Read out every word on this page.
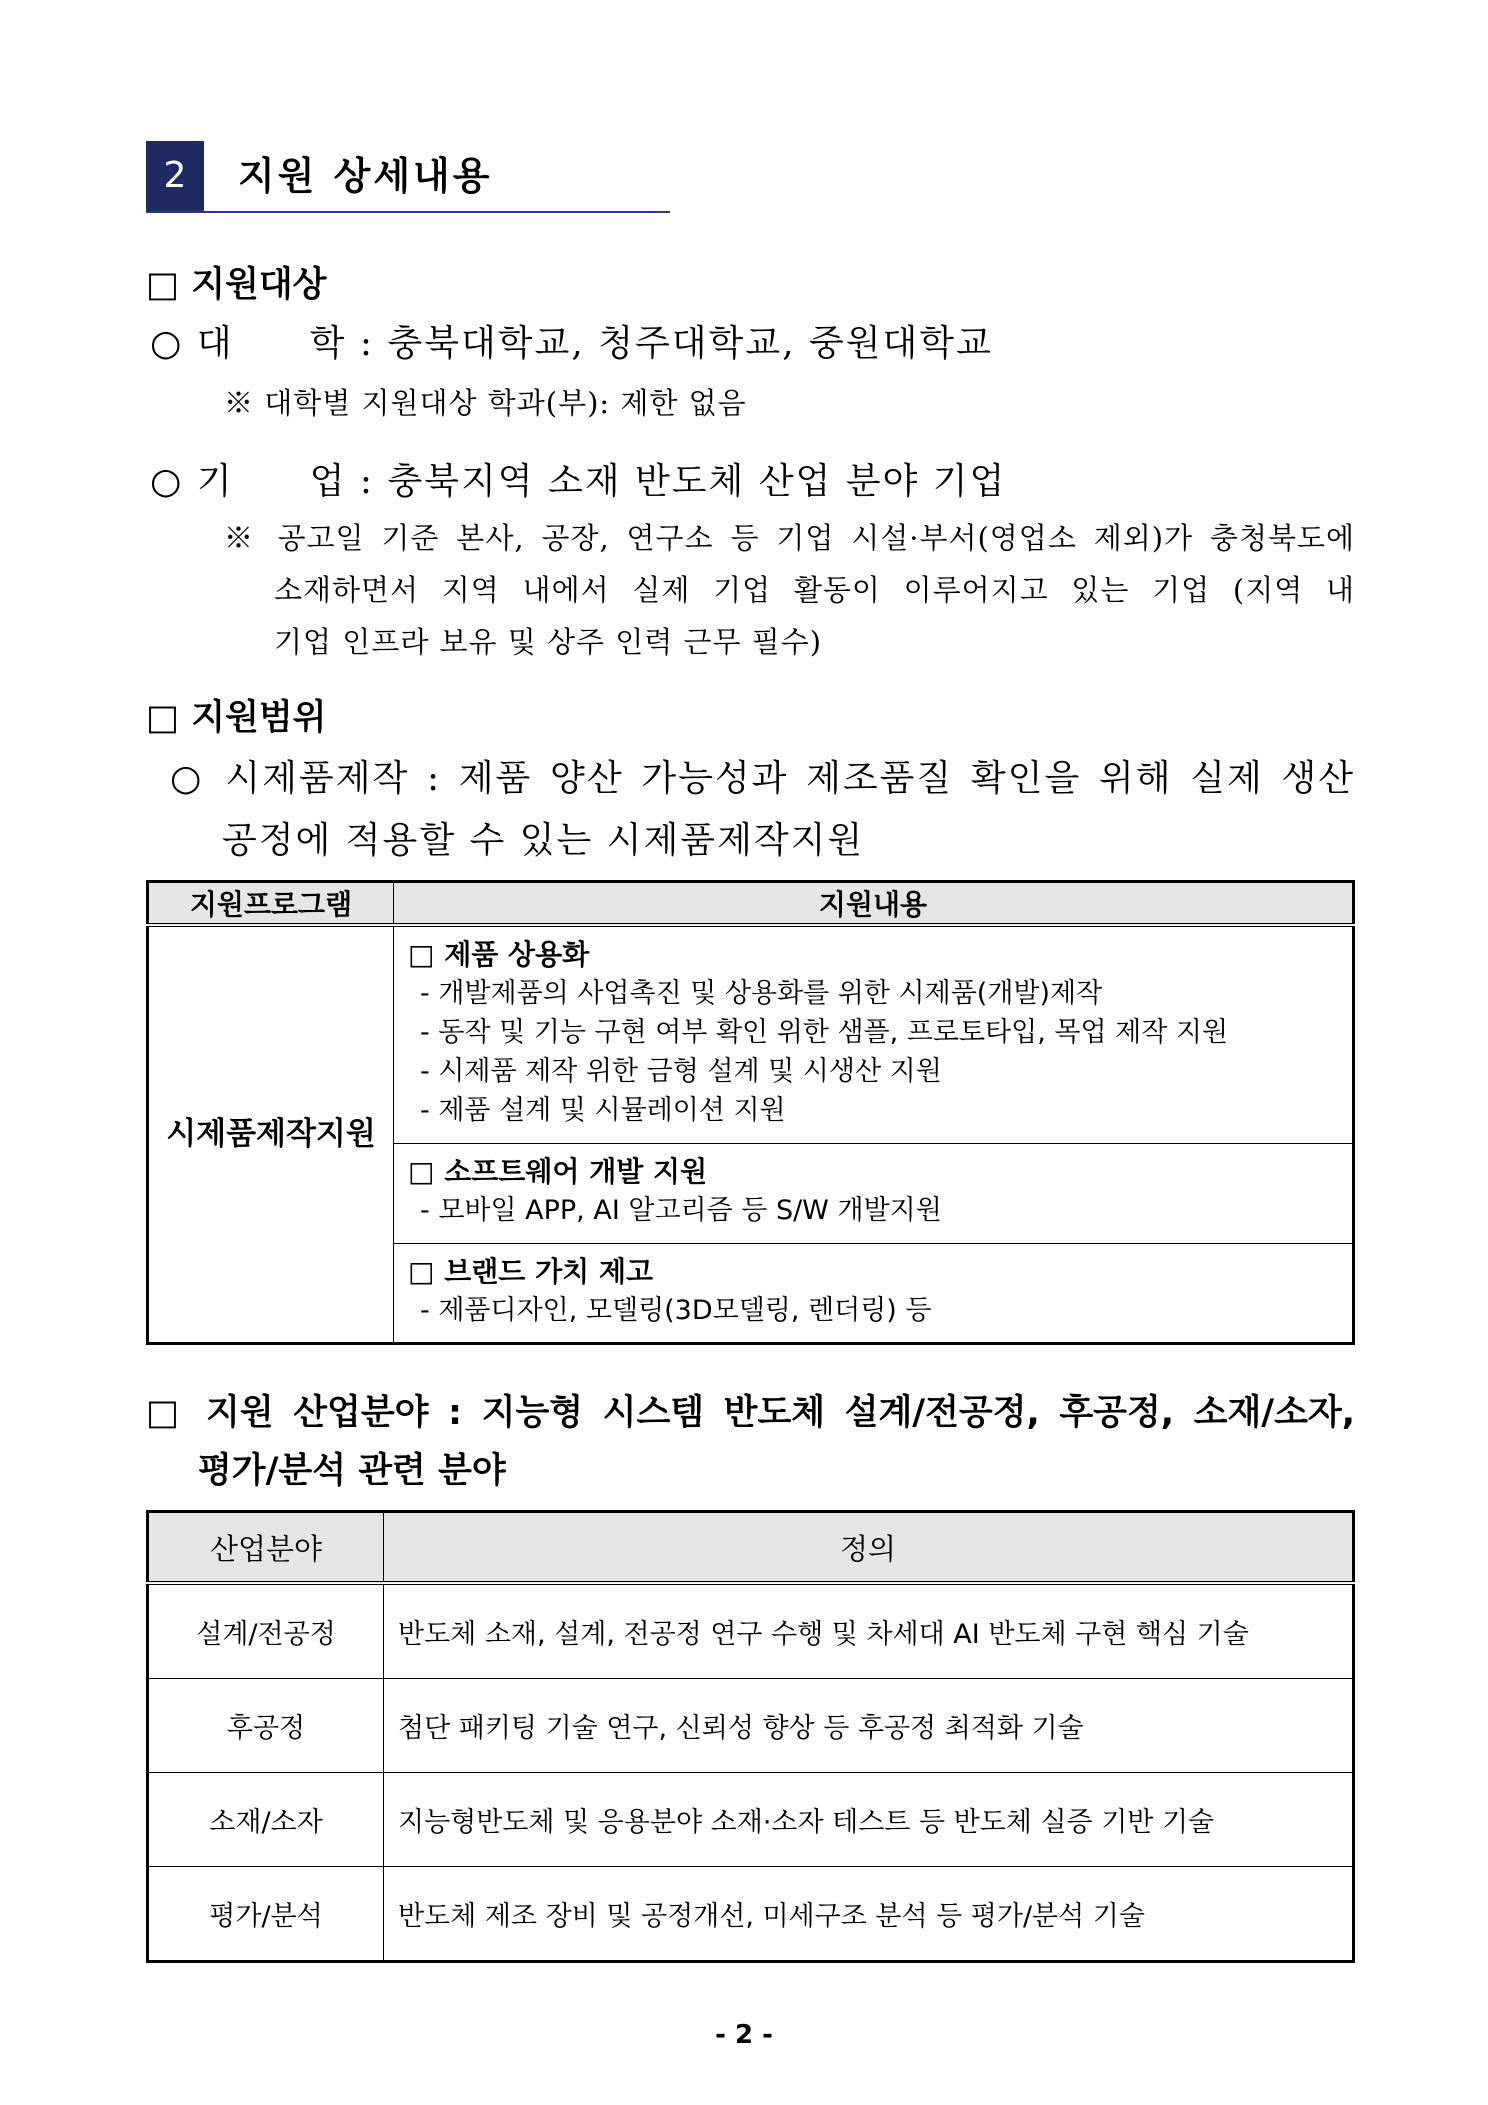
2	지원 상세내용
□ 지원대상
○ 대　　학 : 충북대학교, 청주대학교, 중원대학교
※ 대학별 지원대상 학과(부): 제한 없음
○ 기　　업 : 충북지역 소재 반도체 산업 분야 기업
※ 공고일 기준 본사, 공장, 연구소 등 기업 시설·부서(영업소 제외)가 충청북도에
소재하면서 지역 내에서 실제 기업 활동이 이루어지고 있는 기업 (지역 내
기업 인프라 보유 및 상주 인력 근무 필수)
□ 지원범위
○ 시제품제작 : 제품 양산 가능성과 제조품질 확인을 위해 실제 생산
공정에 적용할 수 있는 시제품제작지원
지원프로그램	지원내용
시제품제작지원	□ 제품 상용화
- 개발제품의 사업촉진 및 상용화를 위한 시제품(개발)제작
- 동작 및 기능 구현 여부 확인 위한 샘플, 프로토타입, 목업 제작 지원
- 시제품 제작 위한 금형 설계 및 시생산 지원
- 제품 설계 및 시뮬레이션 지원

	□ 소프트웨어 개발 지원
- 모바일 APP, AI 알고리즘 등 S/W 개발지원

	□ 브랜드 가치 제고
- 제품디자인, 모델링(3D모델링, 렌더링) 등
□ 지원 산업분야 : 지능형 시스템 반도체 설계/전공정, 후공정, 소재/소자,
평가/분석 관련 분야
산업분야	정의
설계/전공정	반도체 소재, 설계, 전공정 연구 수행 및 차세대 AI 반도체 구현 핵심 기술
후공정	첨단 패키팅 기술 연구, 신뢰성 향상 등 후공정 최적화 기술
소재/소자	지능형반도체 및 응용분야 소재·소자 테스트 등 반도체 실증 기반 기술
평가/분석	반도체 제조 장비 및 공정개선, 미세구조 분석 등 평가/분석 기술
- 2 -
